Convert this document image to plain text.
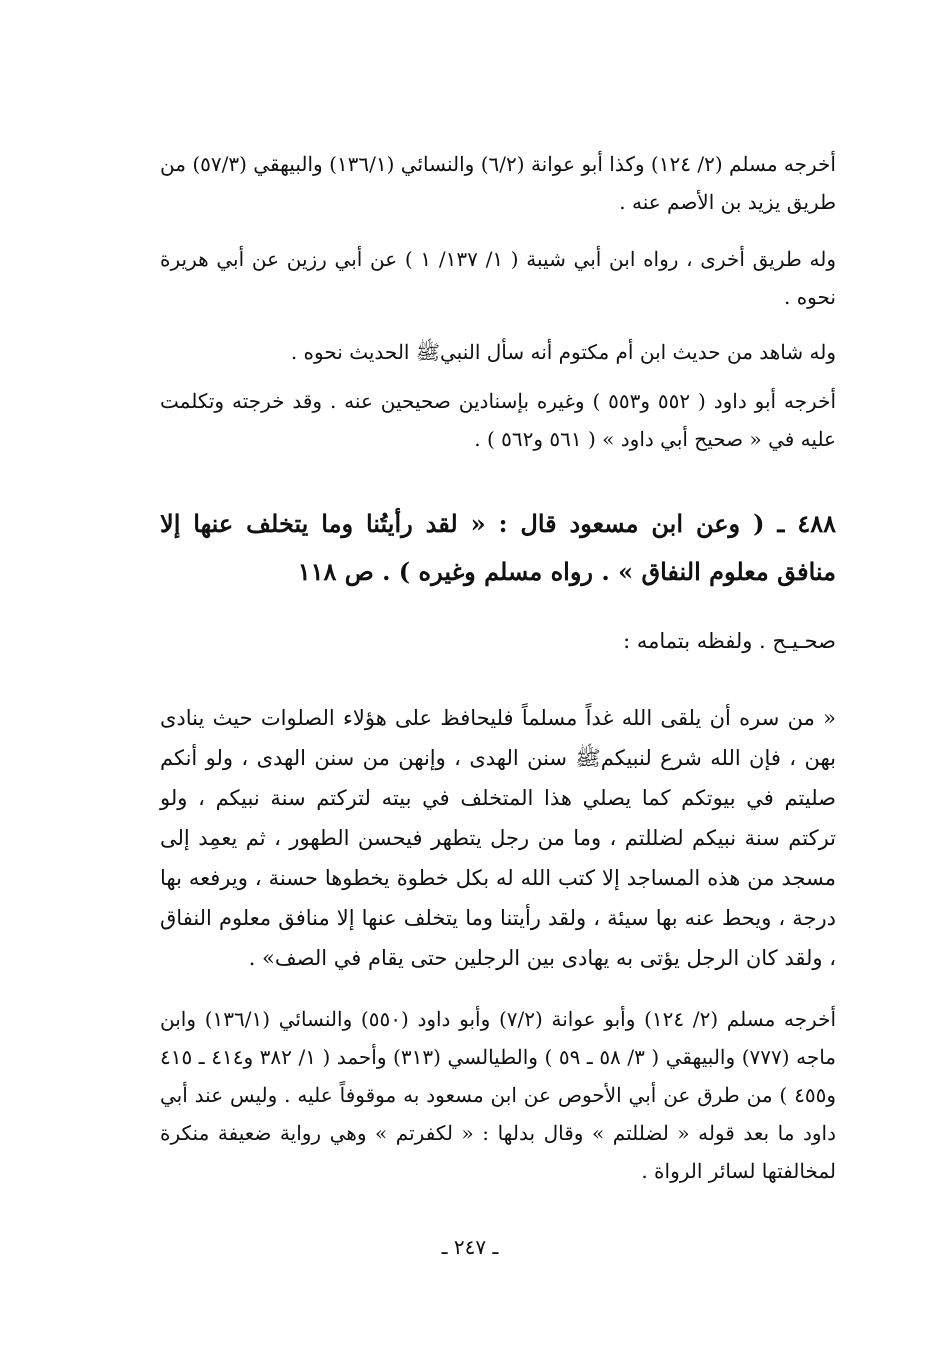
أخرجه مسلم (٢/ ١٢٤) وكذا أبو عوانة (٦/٢) والنسائي (١٣٦/١) والبيهقي (٥٧/٣) من طريق يزيد بن الأصم عنه .

وله طريق أخرى ، رواه ابن أبي شيبة ( ١/ ١٣٧/ ١ ) عن أبي رزين عن أبي هريرة نحوه .

وله شاهد من حديث ابن أم مكتوم أنه سأل النبيﷺ الحديث نحوه .

أخرجه أبو داود ( ٥٥٢ و٥٥٣ ) وغيره بإسنادين صحيحين عنه . وقد خرجته وتكلمت عليه في « صحيح أبي داود » ( ٥٦١ و٥٦٢ ) .

٤٨٨ ـ ( وعن ابن مسعود قال : « لقد رأيتُنا وما يتخلف عنها إلا منافق معلوم النفاق » . رواه مسلم وغيره ) . ص ١١٨

صحـيـح . ولفظه بتمامه :

« من سره أن يلقى الله غداً مسلماً فليحافظ على هؤلاء الصلوات حيث ينادى بهن ، فإن الله شرع لنبيكمﷺ سنن الهدى ، وإنهن من سنن الهدى ، ولو أنكم صليتم في بيوتكم كما يصلي هذا المتخلف في بيته لتركتم سنة نبيكم ، ولو تركتم سنة نبيكم لضللتم ، وما من رجل يتطهر فيحسن الطهور ، ثم يعمِد إلى مسجد من هذه المساجد إلا كتب الله له بكل خطوة يخطوها حسنة ، ويرفعه بها درجة ، ويحط عنه بها سيئة ، ولقد رأيتنا وما يتخلف عنها إلا منافق معلوم النفاق ، ولقد كان الرجل يؤتى به يهادى بين الرجلين حتى يقام في الصف» .

أخرجه مسلم (٢/ ١٢٤) وأبو عوانة (٧/٢) وأبو داود (٥٥٠) والنسائي (١٣٦/١) وابن ماجه (٧٧٧) والبيهقي ( ٣/ ٥٨ ـ ٥٩ ) والطيالسي (٣١٣) وأحمد ( ١/ ٣٨٢ و٤١٤ ـ ٤١٥ و٤٥٥ ) من طرق عن أبي الأحوص عن ابن مسعود به موقوفاً عليه . وليس عند أبي داود ما بعد قوله « لضللتم » وقال بدلها : « لكفرتم » وهي رواية ضعيفة منكرة لمخالفتها لسائر الرواة .

ـ ٢٤٧ ـ
